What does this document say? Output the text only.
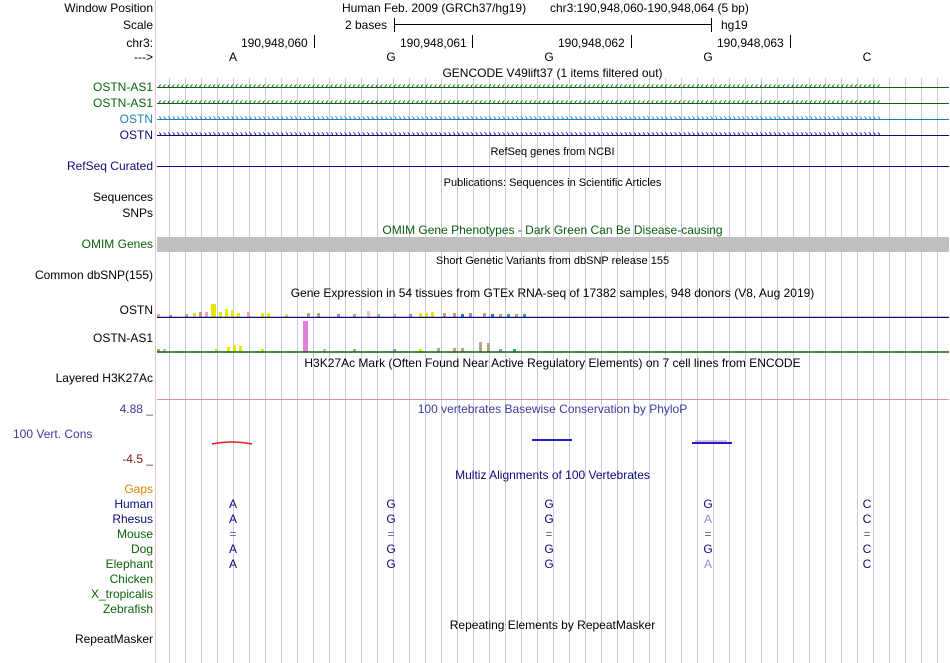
Window Position	Human Feb. 2009 (GRCh37/hg19) chr3:190,948,060-190,948,064 (5 bp)
Scale	2 bases	hg19
chr3:	190,948,060	190,948,061	190,948,062	190,948,063
--->	A	G	G	G	C
GENCODE V49lift37 (1 items filtered out)
OSTN-AS1 ‹‹‹‹‹‹‹‹‹‹‹‹‹‹‹‹‹‹‹‹‹‹‹‹‹‹‹‹‹‹‹‹‹‹‹‹‹‹‹‹‹‹‹‹‹‹‹‹‹‹‹‹‹‹‹‹‹‹‹‹‹‹‹‹‹‹‹‹‹‹‹‹‹‹‹‹‹‹‹‹‹‹‹‹‹‹‹‹‹‹‹‹‹‹‹‹‹‹‹‹‹‹‹‹‹‹‹‹‹‹‹‹‹‹‹‹‹‹‹‹‹‹‹‹‹‹‹‹‹‹‹‹‹‹‹‹‹‹‹‹‹‹‹‹‹‹‹‹‹‹‹‹‹‹‹‹‹‹‹‹
OSTN-AS1 ‹‹‹‹‹‹‹‹‹‹‹‹‹‹‹‹‹‹‹‹‹‹‹‹‹‹‹‹‹‹‹‹‹‹‹‹‹‹‹‹‹‹‹‹‹‹‹‹‹‹‹‹‹‹‹‹‹‹‹‹‹‹‹‹‹‹‹‹‹‹‹‹‹‹‹‹‹‹‹‹‹‹‹‹‹‹‹‹‹‹‹‹‹‹‹‹‹‹‹‹‹‹‹‹‹‹‹‹‹‹‹‹‹‹‹‹‹‹‹‹‹‹‹‹‹‹‹‹‹‹‹‹‹‹‹‹‹‹‹‹‹‹‹‹‹‹‹‹‹‹‹‹‹‹‹‹‹‹‹‹
OSTN ››››››››››››››››››››››››››››››››››››››››››››››››››››››››››››››››››››››››››››››››››››››››››››››››››››››››››››››››››››››››››››››››››››››››››››››››››››››››››››››››
OSTN ››››››››››››››››››››››››››››››››››››››››››››››››››››››››››››››››››››››››››››››››››››››››››››››››››››››››››››››››››››››››››››››››››››››››››››››››››››››››››››››››
RefSeq genes from NCBI
RefSeq Curated
Publications: Sequences in Scientific Articles
Sequences
SNPs
OMIM Gene Phenotypes - Dark Green Can Be Disease-causing
OMIM Genes
Short Genetic Variants from dbSNP release 155
Common dbSNP(155)
Gene Expression in 54 tissues from GTEx RNA-seq of 17382 samples, 948 donors (V8, Aug 2019)
OSTN
OSTN-AS1
H3K27Ac Mark (Often Found Near Active Regulatory Elements) on 7 cell lines from ENCODE
Layered H3K27Ac
100 vertebrates Basewise Conservation by PhyloP
4.88 _
100 Vert. Cons
-4.5 _
Multiz Alignments of 100 Vertebrates
Gaps
Human	A	G	G	G	C
Rhesus	A	G	G	A	C
Mouse	=	=	=	=	=
Dog	A	G	G	G	C
Elephant	A	G	G	A	C
Chicken
X_tropicalis
Zebrafish
Repeating Elements by RepeatMasker
RepeatMasker
